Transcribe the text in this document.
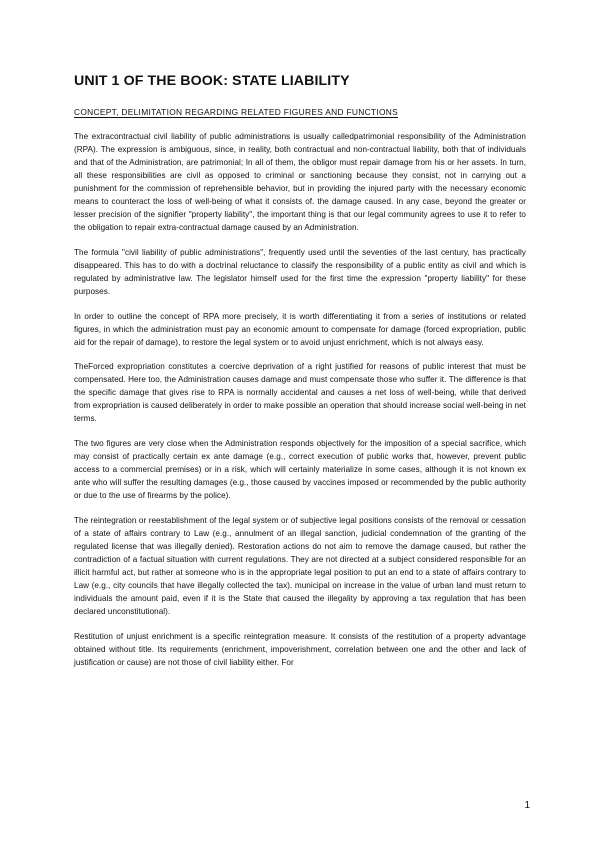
UNIT 1 OF THE BOOK: STATE LIABILITY
CONCEPT, DELIMITATION REGARDING RELATED FIGURES AND FUNCTIONS

The extracontractual civil liability of public administrations is usually calledpatrimonial responsibility of the Administration (RPA). The expression is ambiguous, since, in reality, both contractual and non-contractual liability, both that of individuals and that of the Administration, are patrimonial; In all of them, the obligor must repair damage from his or her assets. In turn, all these responsibilities are civil as opposed to criminal or sanctioning because they consist, not in carrying out a punishment for the commission of reprehensible behavior, but in providing the injured party with the necessary economic means to counteract the loss of well-being of what it consists of. the damage caused. In any case, beyond the greater or lesser precision of the signifier "property liability", the important thing is that our legal community agrees to use it to refer to the obligation to repair extra-contractual damage caused by an Administration.

The formula "civil liability of public administrations", frequently used until the seventies of the last century, has practically disappeared. This has to do with a doctrinal reluctance to classify the responsibility of a public entity as civil and which is regulated by administrative law. The legislator himself used for the first time the expression "property liability" for these purposes.

In order to outline the concept of RPA more precisely, it is worth differentiating it from a series of institutions or related figures, in which the administration must pay an economic amount to compensate for damage (forced expropriation, public aid for the repair of damage), to restore the legal system or to avoid unjust enrichment, which is not always easy.

TheForced expropriation constitutes a coercive deprivation of a right justified for reasons of public interest that must be compensated. Here too, the Administration causes damage and must compensate those who suffer it. The difference is that the specific damage that gives rise to RPA is normally accidental and causes a net loss of well-being, while that derived from expropriation is caused deliberately in order to make possible an operation that should increase social well-being in net terms.

The two figures are very close when the Administration responds objectively for the imposition of a special sacrifice, which may consist of practically certain ex ante damage (e.g., correct execution of public works that, however, prevent public access to a commercial premises) or in a risk, which will certainly materialize in some cases, although it is not known ex ante who will suffer the resulting damages (e.g., those caused by vaccines imposed or recommended by the public authority or due to the use of firearms by the police).

The reintegration or reestablishment of the legal system or of subjective legal positions consists of the removal or cessation of a state of affairs contrary to Law (e.g., annulment of an illegal sanction, judicial condemnation of the granting of the regulated license that was illegally denied). Restoration actions do not aim to remove the damage caused, but rather the contradiction of a factual situation with current regulations. They are not directed at a subject considered responsible for an illicit harmful act, but rather at someone who is in the appropriate legal position to put an end to a state of affairs contrary to Law (e.g., city councils that have illegally collected the tax). municipal on increase in the value of urban land must return to individuals the amount paid, even if it is the State that caused the illegality by approving a tax regulation that has been declared unconstitutional).

Restitution of unjust enrichment is a specific reintegration measure. It consists of the restitution of a property advantage obtained without title. Its requirements (enrichment, impoverishment, correlation between one and the other and lack of justification or cause) are not those of civil liability either. For

1
